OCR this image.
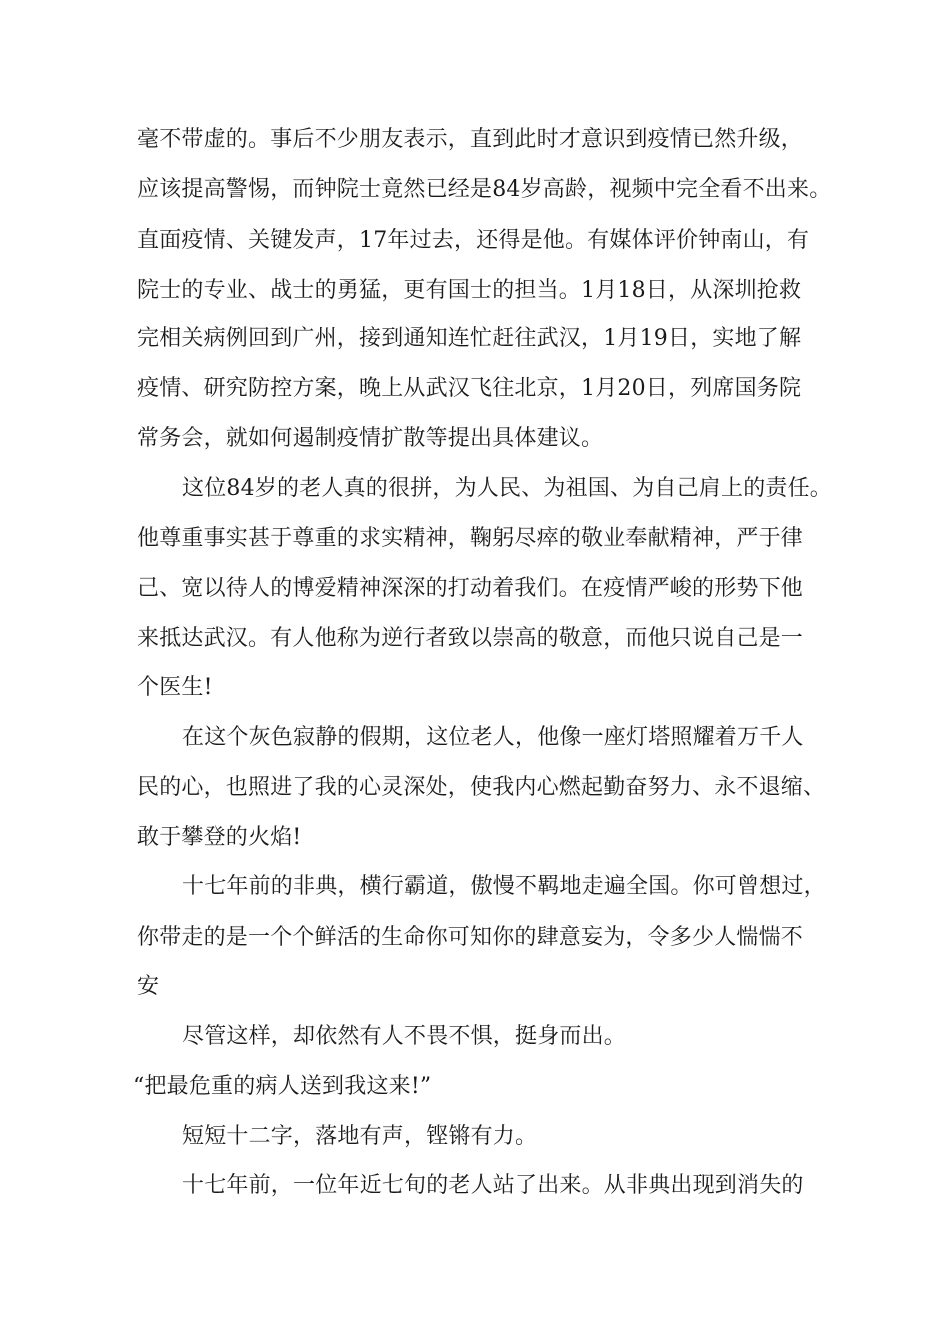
毫不带虚的。事后不少朋友表示，直到此时才意识到疫情已然升级，
应该提高警惕，而钟院士竟然已经是84岁高龄，视频中完全看不出来。
直面疫情、关键发声，17年过去，还得是他。有媒体评价钟南山，有
院士的专业、战士的勇猛，更有国士的担当。1月18日，从深圳抢救
完相关病例回到广州，接到通知连忙赶往武汉，1月19日，实地了解
疫情、研究防控方案，晚上从武汉飞往北京，1月20日，列席国务院
常务会，就如何遏制疫情扩散等提出具体建议。
这位84岁的老人真的很拼，为人民、为祖国、为自己肩上的责任。
他尊重事实甚于尊重的求实精神，鞠躬尽瘁的敬业奉献精神，严于律
己、宽以待人的博爱精神深深的打动着我们。在疫情严峻的形势下他
来抵达武汉。有人他称为逆行者致以崇高的敬意，而他只说自己是一
个医生!
在这个灰色寂静的假期，这位老人，他像一座灯塔照耀着万千人
民的心，也照进了我的心灵深处，使我内心燃起勤奋努力、永不退缩、
敢于攀登的火焰!
十七年前的非典，横行霸道，傲慢不羁地走遍全国。你可曾想过，
你带走的是一个个鲜活的生命你可知你的肆意妄为，令多少人惴惴不
安
尽管这样，却依然有人不畏不惧，挺身而出。
“把最危重的病人送到我这来!”
短短十二字，落地有声，铿锵有力。
十七年前，一位年近七旬的老人站了出来。从非典出现到消失的
